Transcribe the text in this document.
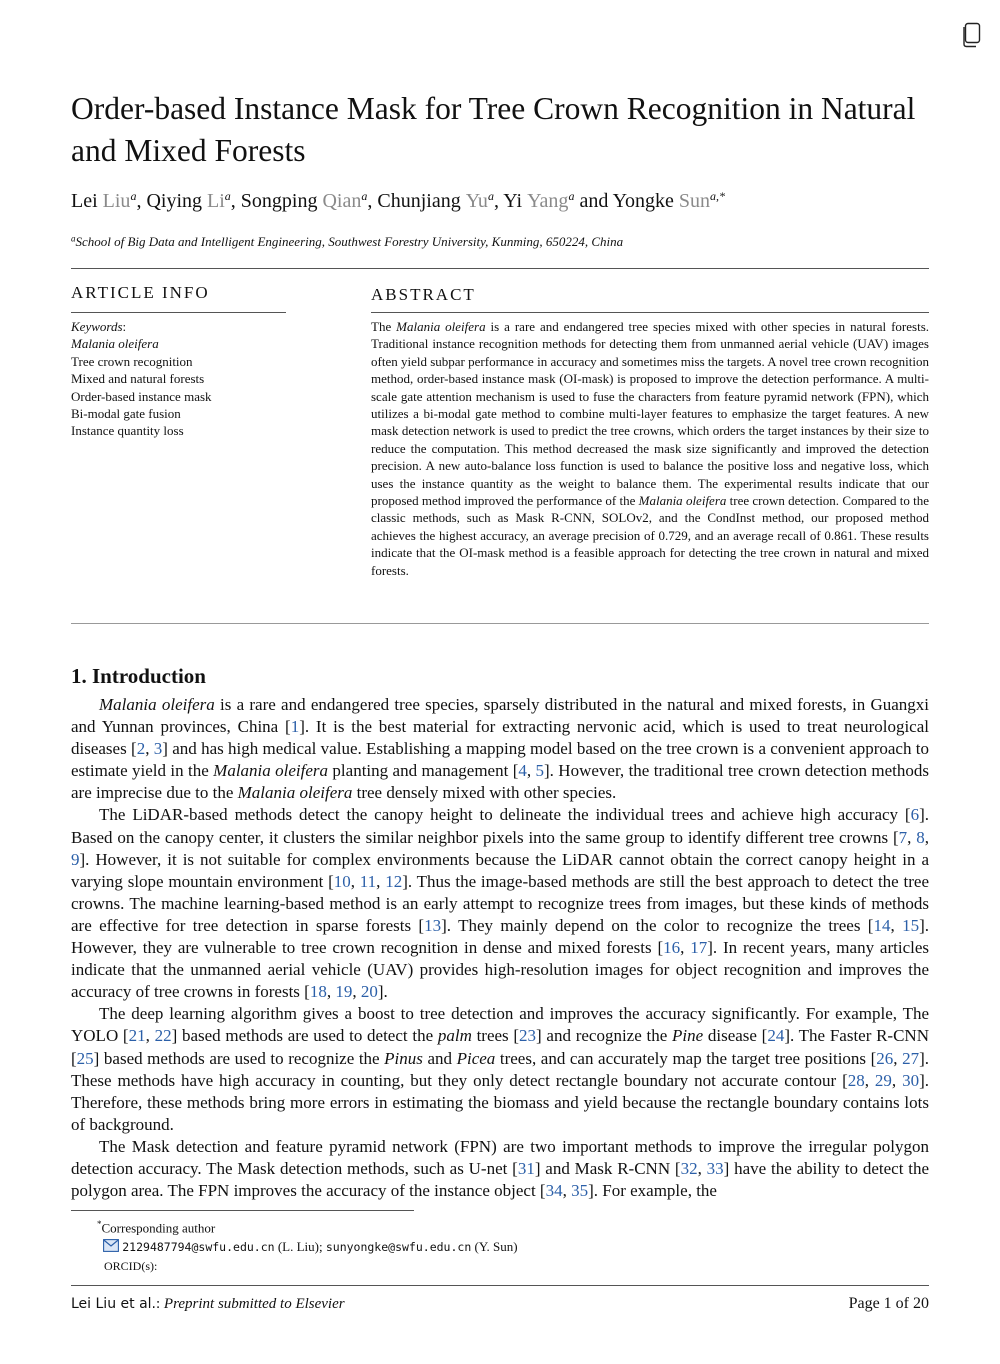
Order-based Instance Mask for Tree Crown Recognition in Natural and Mixed Forests
Lei Liu$^a$, Qiying Li$^a$, Songping Qian$^a$, Chunjiang Yu$^a$, Yi Yang$^a$ and Yongke Sun$^{a,*}$
$^a$School of Big Data and Intelligent Engineering, Southwest Forestry University, Kunming, 650224, China
ARTICLE INFO	ABSTRACT
Keywords:
Malania oleifera
Tree crown recognition
Mixed and natural forests
Order-based instance mask
Bi-modal gate fusion
Instance quantity loss
The Malania oleifera is a rare and endangered tree species mixed with other species in natural forests. Traditional instance recognition methods for detecting them from unmanned aerial vehicle (UAV) images often yield subpar performance in accuracy and sometimes miss the targets. A novel tree crown recognition method, order-based instance mask (OI-mask) is proposed to improve the detection performance. A multi-scale gate attention mechanism is used to fuse the characters from feature pyramid network (FPN), which utilizes a bi-modal gate method to combine multi-layer features to emphasize the target features. A new mask detection network is used to predict the tree crowns, which orders the target instances by their size to reduce the computation. This method decreased the mask size significantly and improved the detection precision. A new auto-balance loss function is used to balance the positive loss and negative loss, which uses the instance quantity as the weight to balance them. The experimental results indicate that our proposed method improved the performance of the Malania oleifera tree crown detection. Compared to the classic methods, such as Mask R-CNN, SOLOv2, and the CondInst method, our proposed method achieves the highest accuracy, an average precision of 0.729, and an average recall of 0.861. These results indicate that the OI-mask method is a feasible approach for detecting the tree crown in natural and mixed forests.
1. Introduction

Malania oleifera is a rare and endangered tree species, sparsely distributed in the natural and mixed forests, in Guangxi and Yunnan provinces, China [1]. It is the best material for extracting nervonic acid, which is used to treat neurological diseases [2, 3] and has high medical value. Establishing a mapping model based on the tree crown is a convenient approach to estimate yield in the Malania oleifera planting and management [4, 5]. However, the traditional tree crown detection methods are imprecise due to the Malania oleifera tree densely mixed with other species.

The LiDAR-based methods detect the canopy height to delineate the individual trees and achieve high accuracy [6]. Based on the canopy center, it clusters the similar neighbor pixels into the same group to identify different tree crowns [7, 8, 9]. However, it is not suitable for complex environments because the LiDAR cannot obtain the correct canopy height in a varying slope mountain environment [10, 11, 12]. Thus the image-based methods are still the best approach to detect the tree crowns. The machine learning-based method is an early attempt to recognize trees from images, but these kinds of methods are effective for tree detection in sparse forests [13]. They mainly depend on the color to recognize the trees [14, 15]. However, they are vulnerable to tree crown recognition in dense and mixed forests [16, 17]. In recent years, many articles indicate that the unmanned aerial vehicle (UAV) provides high-resolution images for object recognition and improves the accuracy of tree crowns in forests [18, 19, 20].

The deep learning algorithm gives a boost to tree detection and improves the accuracy significantly. For example, The YOLO [21, 22] based methods are used to detect the palm trees [23] and recognize the Pine disease [24]. The Faster R-CNN [25] based methods are used to recognize the Pinus and Picea trees, and can accurately map the target tree positions [26, 27]. These methods have high accuracy in counting, but they only detect rectangle boundary not accurate contour [28, 29, 30]. Therefore, these methods bring more errors in estimating the biomass and yield because the rectangle boundary contains lots of background.

The Mask detection and feature pyramid network (FPN) are two important methods to improve the irregular polygon detection accuracy. The Mask detection methods, such as U-net [31] and Mask R-CNN [32, 33] have the ability to detect the polygon area. The FPN improves the accuracy of the instance object [34, 35]. For example, the

*Corresponding author
2129487794@swfu.edu.cn (L. Liu); sunyongke@swfu.edu.cn (Y. Sun)
ORCID(s):
Lei Liu et al.: Preprint submitted to Elsevier	Page 1 of 20
